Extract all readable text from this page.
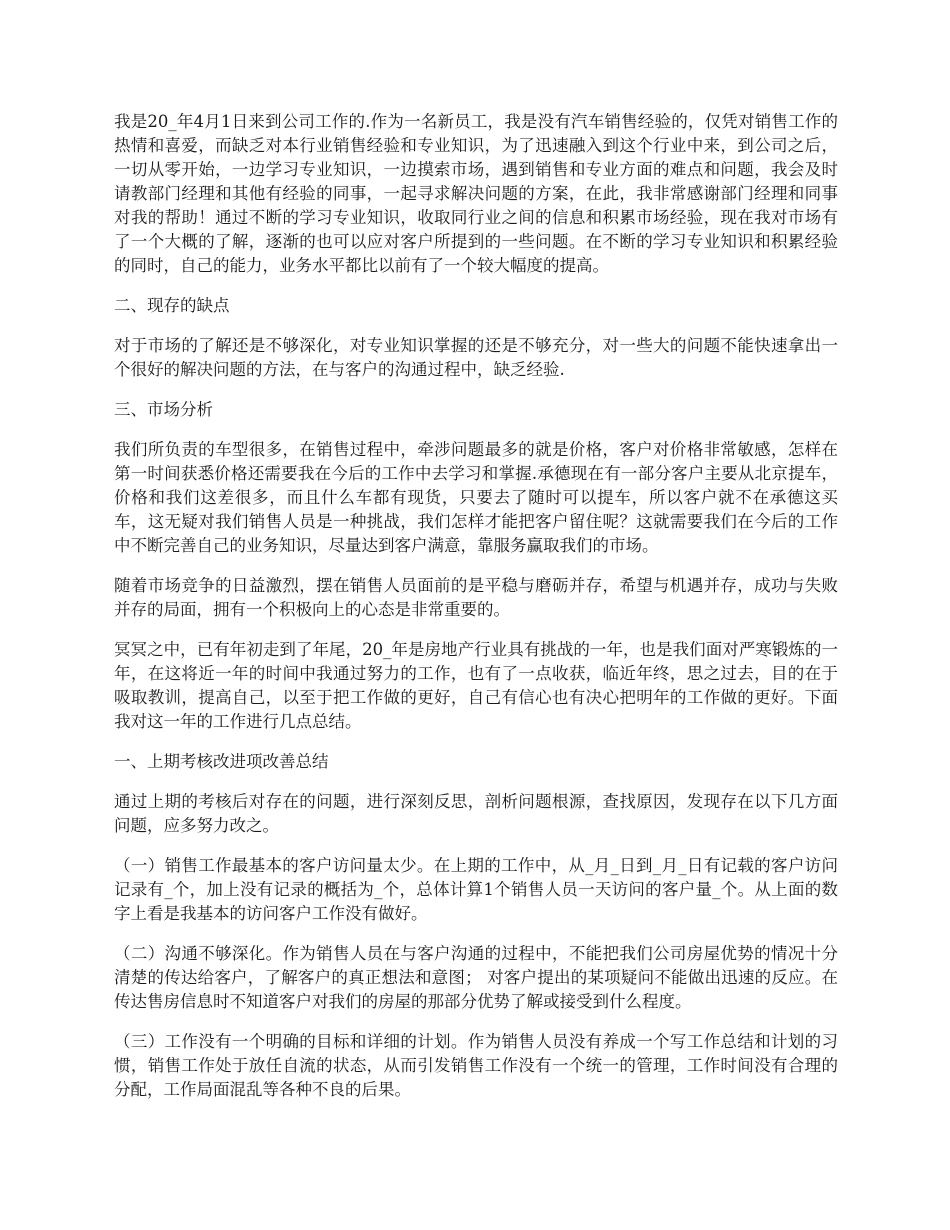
我是20_年4月1日来到公司工作的.作为一名新员工，我是没有汽车销售经验的，仅凭对销售工作的热情和喜爱，而缺乏对本行业销售经验和专业知识，为了迅速融入到这个行业中来，到公司之后，一切从零开始，一边学习专业知识，一边摸索市场，遇到销售和专业方面的难点和问题，我会及时请教部门经理和其他有经验的同事，一起寻求解决问题的方案，在此，我非常感谢部门经理和同事对我的帮助！通过不断的学习专业知识，收取同行业之间的信息和积累市场经验，现在我对市场有了一个大概的了解，逐渐的也可以应对客户所提到的一些问题。在不断的学习专业知识和积累经验的同时，自己的能力，业务水平都比以前有了一个较大幅度的提高。

二、现存的缺点

对于市场的了解还是不够深化，对专业知识掌握的还是不够充分，对一些大的问题不能快速拿出一个很好的解决问题的方法，在与客户的沟通过程中，缺乏经验.

三、市场分析

我们所负责的车型很多，在销售过程中，牵涉问题最多的就是价格，客户对价格非常敏感，怎样在第一时间获悉价格还需要我在今后的工作中去学习和掌握.承德现在有一部分客户主要从北京提车，价格和我们这差很多，而且什么车都有现货，只要去了随时可以提车，所以客户就不在承德这买车，这无疑对我们销售人员是一种挑战，我们怎样才能把客户留住呢？这就需要我们在今后的工作中不断完善自己的业务知识，尽量达到客户满意，靠服务赢取我们的市场。

随着市场竞争的日益激烈，摆在销售人员面前的是平稳与磨砺并存，希望与机遇并存，成功与失败并存的局面，拥有一个积极向上的心态是非常重要的。

冥冥之中，已有年初走到了年尾，20_年是房地产行业具有挑战的一年，也是我们面对严寒锻炼的一年，在这将近一年的时间中我通过努力的工作，也有了一点收获，临近年终，思之过去，目的在于吸取教训，提高自己，以至于把工作做的更好，自己有信心也有决心把明年的工作做的更好。下面我对这一年的工作进行几点总结。

一、上期考核改进项改善总结

通过上期的考核后对存在的问题，进行深刻反思，剖析问题根源，查找原因，发现存在以下几方面问题，应多努力改之。

（一）销售工作最基本的客户访问量太少。在上期的工作中，从_月_日到_月_日有记载的客户访问记录有_个，加上没有记录的概括为_个，总体计算1个销售人员一天访问的客户量_个。从上面的数字上看是我基本的访问客户工作没有做好。

（二）沟通不够深化。作为销售人员在与客户沟通的过程中，不能把我们公司房屋优势的情况十分清楚的传达给客户，了解客户的真正想法和意图； 对客户提出的某项疑问不能做出迅速的反应。在传达售房信息时不知道客户对我们的房屋的那部分优势了解或接受到什么程度。

（三）工作没有一个明确的目标和详细的计划。作为销售人员没有养成一个写工作总结和计划的习惯，销售工作处于放任自流的状态，从而引发销售工作没有一个统一的管理，工作时间没有合理的分配，工作局面混乱等各种不良的后果。
